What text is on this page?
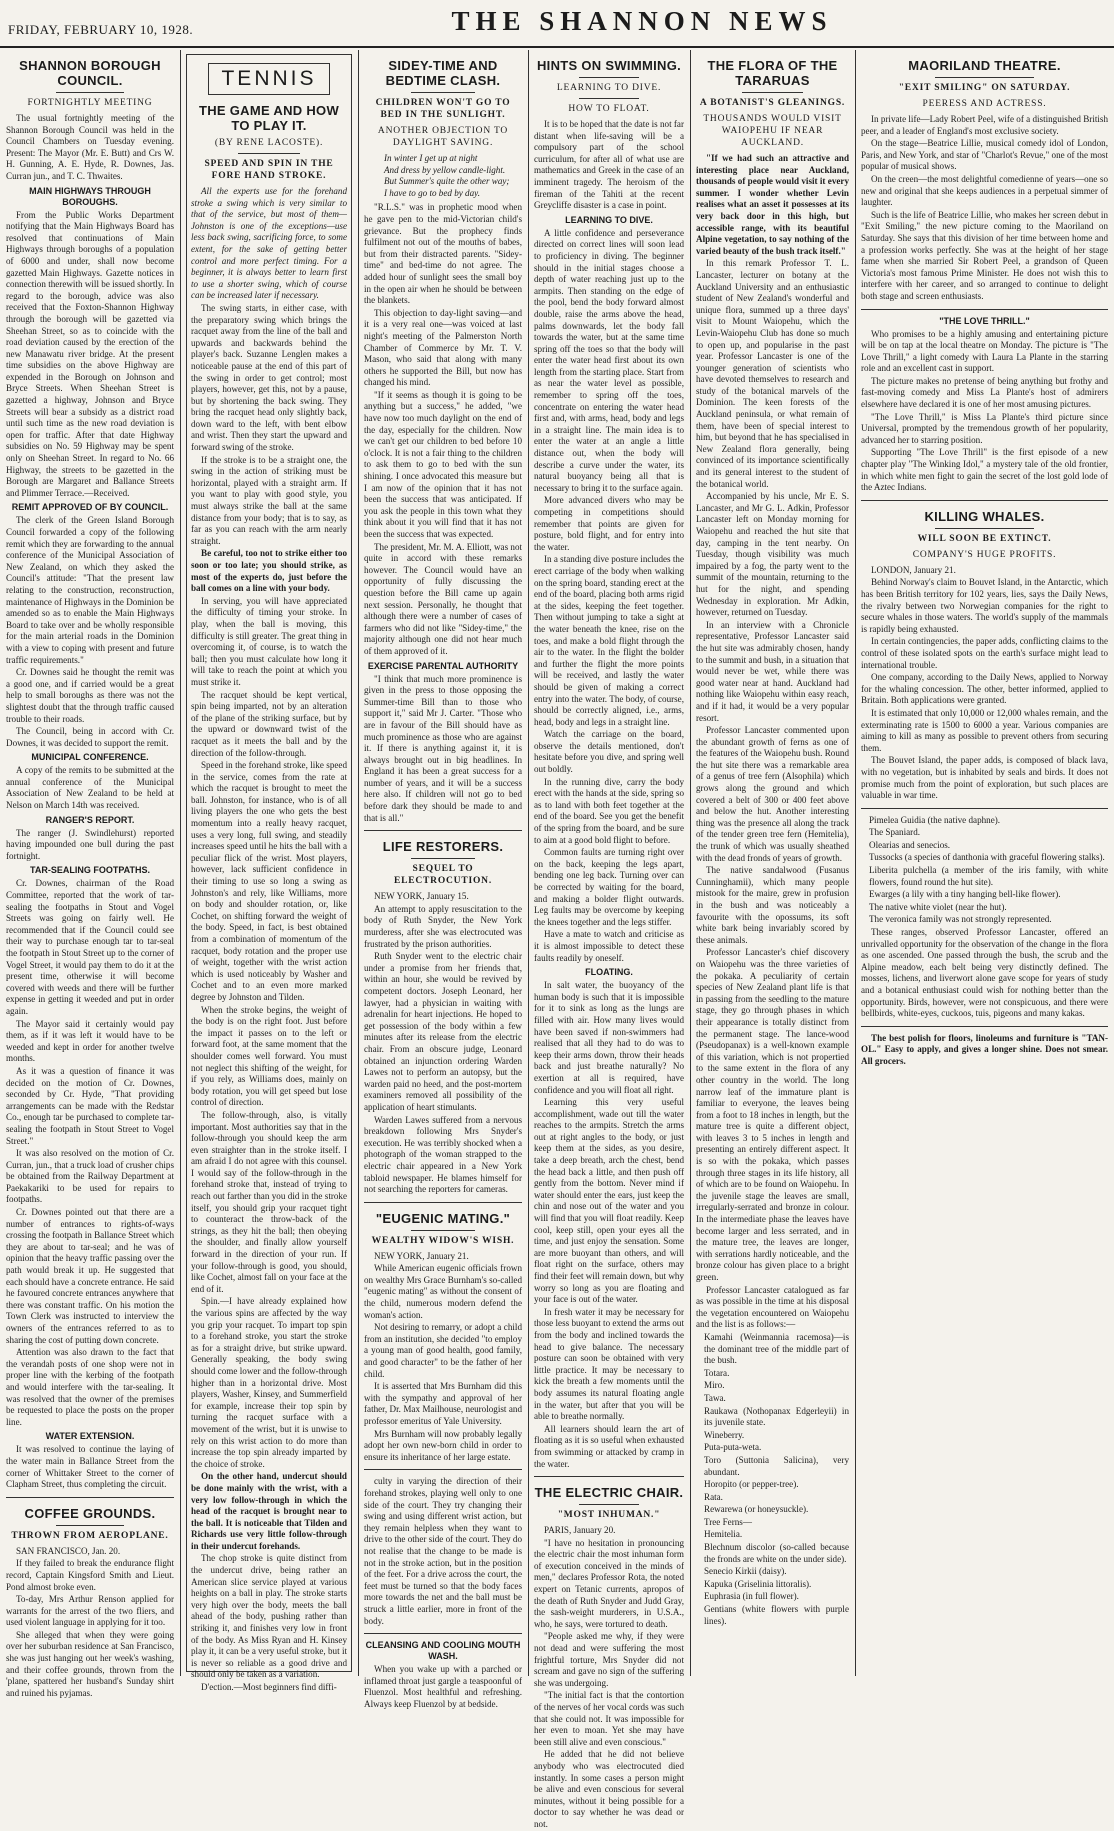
FRIDAY, FEBRUARY 10, 1928.	THE SHANNON NEWS
SHANNON BOROUGH COUNCIL.
FORTNIGHTLY MEETING

The usual fortnightly meeting of the Shannon Borough Council was held in the Council Chambers on Tuesday evening. Present: The Mayor (Mr. E. Butt) and Crs W. H. Gunning, A. E. Hyde, R. Downes, Jas. Curran jun., and T. C. Thwaites.

MAIN HIGHWAYS THROUGH BOROUGHS.

From the Public Works Department notifying that the Main Highways Board has resolved that continuations of Main Highways through boroughs of a population of 6000 and under, shall now become gazetted Main Highways. Gazette notices in connection therewith will be issued shortly. In regard to the borough, advice was also received that the Foxton-Shannon Highway through the borough will be gazetted via Sheehan Street, so as to coincide with the road deviation caused by the erection of the new Manawatu river bridge. At the present time subsidies on the above Highway are expended in the Borough on Johnson and Bryce Streets. When Sheehan Street is gazetted a highway, Johnson and Bryce Streets will bear a subsidy as a district road until such time as the new road deviation is open for traffic. After that date Highway subsidies on No. 59 Highway may be spent only on Sheehan Street. In regard to No. 66 Highway, the streets to be gazetted in the Borough are Margaret and Ballance Streets and Plimmer Terrace.—Received.

REMIT APPROVED OF BY COUNCIL.

The clerk of the Green Island Borough Council forwarded a copy of the following remit which they are forwarding to the annual conference of the Municipal Association of New Zealand, on which they asked the Council's attitude: "That the present law relating to the construction, reconstruction, maintenance of Highways in the Dominion be amended so as to enable the Main Highways Board to take over and be wholly responsible for the main arterial roads in the Dominion with a view to coping with present and future traffic requirements."

Cr. Downes said he thought the remit was a good one, and if carried would be a great help to small boroughs as there was not the slightest doubt that the through traffic caused trouble to their roads.

The Council, being in accord with Cr. Downes, it was decided to support the remit.

MUNICIPAL CONFERENCE.

A copy of the remits to be submitted at the annual conference of the Municipal Association of New Zealand to be held at Nelson on March 14th was received.

RANGER'S REPORT.

The ranger (J. Swindlehurst) reported having impounded one bull during the past fortnight.

TAR-SEALING FOOTPATHS.

Cr. Downes, chairman of the Road Committee, reported that the work of tar-sealing the footpaths in Stout and Vogel Streets was going on fairly well. He recommended that if the Council could see their way to purchase enough tar to tar-seal the footpath in Stout Street up to the corner of Vogel Street, it would pay them to do it at the present time, otherwise it will become covered with weeds and there will be further expense in getting it weeded and put in order again.

The Mayor said it certainly would pay them, as if it was left it would have to be weeded and kept in order for another twelve months.

As it was a question of finance it was decided on the motion of Cr. Downes, seconded by Cr. Hyde, "That providing arrangements can be made with the Redstar Co., enough tar be purchased to complete tar-sealing the footpath in Stout Street to Vogel Street."

It was also resolved on the motion of Cr. Curran, jun., that a truck load of crusher chips be obtained from the Railway Department at Paekakariki to be used for repairs to footpaths.

Cr. Downes pointed out that there are a number of entrances to rights-of-ways crossing the footpath in Ballance Street which they are about to tar-seal; and he was of opinion that the heavy traffic passing over the path would break it up. He suggested that each should have a concrete entrance. He said he favoured concrete entrances anywhere that there was constant traffic. On his motion the Town Clerk was instructed to interview the owners of the entrances referred to as to sharing the cost of putting down concrete.

Attention was also drawn to the fact that the verandah posts of one shop were not in proper line with the kerbing of the footpath and would interfere with the tar-sealing. It was resolved that the owner of the premises be requested to place the posts on the proper line.

WATER EXTENSION.

It was resolved to continue the laying of the water main in Ballance Street from the corner of Whittaker Street to the corner of Clapham Street, thus completing the circuit.

COFFEE GROUNDS.
THROWN FROM AEROPLANE.

SAN FRANCISCO, Jan. 20.

If they failed to break the endurance flight record, Captain Kingsford Smith and Lieut. Pond almost broke even.

To-day, Mrs Arthur Renson applied for warrants for the arrest of the two fliers, and used violent language in applying for it too.

She alleged that when they were going over her suburban residence at San Francisco, she was just hanging out her week's washing, and their coffee grounds, thrown from the 'plane, spattered her husband's Sunday shirt and ruined his pyjamas.

TENNIS
THE GAME AND HOW TO PLAY IT.
(BY RENE LACOSTE).
SPEED AND SPIN IN THE FORE HAND STROKE.

All the experts use for the forehand stroke a swing which is very similar to that of the service, but most of them—Johnston is one of the exceptions—use less back swing, sacrificing force, to some extent, for the sake of getting better control and more perfect timing. For a beginner, it is always better to learn first to use a shorter swing, which of course can be increased later if necessary.

The swing starts, in either case, with the preparatory swing which brings the racquet away from the line of the ball and upwards and backwards behind the player's back. Suzanne Lenglen makes a noticeable pause at the end of this part of the swing in order to get control; most players, however, get this, not by a pause, but by shortening the back swing. They bring the racquet head only slightly back, down ward to the left, with bent elbow and wrist. Then they start the upward and forward swing of the stroke.

If the stroke is to be a straight one, the swing in the action of striking must be horizontal, played with a straight arm. If you want to play with good style, you must always strike the ball at the same distance from your body; that is to say, as far as you can reach with the arm nearly straight.

Be careful, too not to strike either too soon or too late; you should strike, as most of the experts do, just before the ball comes on a line with your body.

In serving, you will have appreciated the difficulty of timing your stroke. In play, when the ball is moving, this difficulty is still greater. The great thing in overcoming it, of course, is to watch the ball; then you must calculate how long it will take to reach the point at which you must strike it.

The racquet should be kept vertical, spin being imparted, not by an alteration of the plane of the striking surface, but by the upward or downward twist of the racquet as it meets the ball and by the direction of the follow-through.

Speed in the forehand stroke, like speed in the service, comes from the rate at which the racquet is brought to meet the ball. Johnston, for instance, who is of all living players the one who gets the best momentum into a really heavy racquet, uses a very long, full swing, and steadily increases speed until he hits the ball with a peculiar flick of the wrist. Most players, however, lack sufficient confidence in their timing to use so long a swing as Johnston's and rely, like Williams, more on body and shoulder rotation, or, like Cochet, on shifting forward the weight of the body. Speed, in fact, is best obtained from a combination of momentum of the racquet, body rotation and the proper use of weight, together with the wrist action which is used noticeably by Washer and Cochet and to an even more marked degree by Johnston and Tilden.

When the stroke begins, the weight of the body is on the right foot. Just before the impact it passes on to the left or forward foot, at the same moment that the shoulder comes well forward. You must not neglect this shifting of the weight, for if you rely, as Williams does, mainly on body rotation, you will get speed but lose control of direction.

The follow-through, also, is vitally important. Most authorities say that in the follow-through you should keep the arm even straighter than in the stroke itself. I am afraid I do not agree with this counsel. I would say of the follow-through in the forehand stroke that, instead of trying to reach out farther than you did in the stroke itself, you should grip your racquet tight to counteract the throw-back of the strings, as they hit the ball; then obeying the shoulder, and finally allow yourself forward in the direction of your run. If your follow-through is good, you should, like Cochet, almost fall on your face at the end of it.

Spin.—I have already explained how the various spins are affected by the way you grip your racquet. To impart top spin to a forehand stroke, you start the stroke as for a straight drive, but strike upward. Generally speaking, the body swing should come lower and the follow-through higher than in a horizontal drive. Most players, Washer, Kinsey, and Summerfield for example, increase their top spin by turning the racquet surface with a movement of the wrist, but it is unwise to rely on this wrist action to do more than increase the top spin already imparted by the choice of stroke.

On the other hand, undercut should be done mainly with the wrist, with a very low follow-through in which the head of the racquet is brought near to the ball. It is noticeable that Tilden and Richards use very little follow-through in their undercut forehands.

The chop stroke is quite distinct from the undercut drive, being rather an American slice service played at various heights on a ball in play. The stroke starts very high over the body, meets the ball ahead of the body, pushing rather than striking it, and finishes very low in front of the body. As Miss Ryan and H. Kinsey play it, it can be a very useful stroke, but it is never so reliable as a good drive and should only be taken as a variation.

D'ection.—Most beginners find diffi-

SIDEY-TIME AND BEDTIME CLASH.
CHILDREN WON'T GO TO BED IN THE SUNLIGHT.
ANOTHER OBJECTION TO DAYLIGHT SAVING.
In winter I get up at night
And dress by yellow candle-light.
But Summer's quite the other way;
I have to go to bed by day.

"R.L.S." was in prophetic mood when he gave pen to the mid-Victorian child's grievance. But the prophecy finds fulfilment not out of the mouths of babes, but from their distracted parents. "Sidey-time" and bed-time do not agree. The added hour of sunlight sees the small boy in the open air when he should be between the blankets.

This objection to day-light saving—and it is a very real one—was voiced at last night's meeting of the Palmerston North Chamber of Commerce by Mr. T. V. Mason, who said that along with many others he supported the Bill, but now has changed his mind.

"If it seems as though it is going to be anything but a success," he added, "we have now too much daylight on the end of the day, especially for the children. Now we can't get our children to bed before 10 o'clock. It is not a fair thing to the children to ask them to go to bed with the sun shining. I once advocated this measure but I am now of the opinion that it has not been the success that was anticipated. If you ask the people in this town what they think about it you will find that it has not been the success that was expected.

The president, Mr. M. A. Elliott, was not quite in accord with these remarks however. The Council would have an opportunity of fully discussing the question before the Bill came up again next session. Personally, he thought that although there were a number of cases of farmers who did not like "Sidey-time," the majority although one did not hear much of them approved of it.

EXERCISE PARENTAL AUTHORITY

"I think that much more prominence is given in the press to those opposing the Summer-time Bill than to those who support it," said Mr J. Carter. "Those who are in favour of the Bill should have as much prominence as those who are against it. If there is anything against it, it is always brought out in big headlines. In England it has been a great success for a number of years, and it will be a success here also. If children will not go to bed before dark they should be made to and that is all."

LIFE RESTORERS.
SEQUEL TO ELECTROCUTION.

NEW YORK, January 15.

An attempt to apply resuscitation to the body of Ruth Snyder, the New York murderess, after she was electrocuted was frustrated by the prison authorities.

Ruth Snyder went to the electric chair under a promise from her friends that, within an hour, she would be revived by competent doctors. Joseph Leonard, her lawyer, had a physician in waiting with adrenalin for heart injections. He hoped to get possession of the body within a few minutes after its release from the electric chair. From an obscure judge, Leonard obtained an injunction ordering Warden Lawes not to perform an autopsy, but the warden paid no heed, and the post-mortem examiners removed all possibility of the application of heart stimulants.

Warden Lawes suffered from a nervous breakdown following Mrs Snyder's execution. He was terribly shocked when a photograph of the woman strapped to the electric chair appeared in a New York tabloid newspaper. He blames himself for not searching the reporters for cameras.

"EUGENIC MATING."
WEALTHY WIDOW'S WISH.

NEW YORK, January 21.

While American eugenic officials frown on wealthy Mrs Grace Burnham's so-called "eugenic mating" as without the consent of the child, numerous modern defend the woman's action.

Not desiring to remarry, or adopt a child from an institution, she decided "to employ a young man of good health, good family, and good character" to be the father of her child.

It is asserted that Mrs Burnham did this with the sympathy and approval of her father, Dr. Max Mailhouse, neurologist and professor emeritus of Yale University.

Mrs Burnham will now probably legally adopt her own new-born child in order to ensure its inheritance of her large estate.

culty in varying the direction of their forehand strokes, playing well only to one side of the court. They try changing their swing and using different wrist action, but they remain helpless when they want to drive to the other side of the court. They do not realise that the change to be made is not in the stroke action, but in the position of the feet. For a drive across the court, the feet must be turned so that the body faces more towards the net and the ball must be struck a little earlier, more in front of the body.

CLEANSING AND COOLING MOUTH WASH.

When you wake up with a parched or inflamed throat just gargle a teaspoonful of Fluenzol. Most healthful and refreshing. Always keep Fluenzol by at bedside.

HINTS ON SWIMMING.
LEARNING TO DIVE.
HOW TO FLOAT.

It is to be hoped that the date is not far distant when life-saving will be a compulsory part of the school curriculum, for after all of what use are mathematics and Greek in the case of an imminent tragedy. The heroism of the fireman of the Tahiti at the recent Greycliffe disaster is a case in point.

LEARNING TO DIVE.

A little confidence and perseverance directed on correct lines will soon lead to proficiency in diving. The beginner should in the initial stages choose a depth of water reaching just up to the armpits. Then standing on the edge of the pool, bend the body forward almost double, raise the arms above the head, palms downwards, let the body fall towards the water, but at the same time spring off the toes so that the body will enter the water head first about its own length from the starting place. Start from as near the water level as possible, remember to spring off the toes, concentrate on entering the water head first and, with arms, head, body and legs in a straight line. The main idea is to enter the water at an angle a little distance out, when the body will describe a curve under the water, its natural buoyancy being all that is necessary to bring it to the surface again.

More advanced divers who may be competing in competitions should remember that points are given for posture, bold flight, and for entry into the water.

In a standing dive posture includes the erect carriage of the body when walking on the spring board, standing erect at the end of the board, placing both arms rigid at the sides, keeping the feet together. Then without jumping to take a sight at the water beneath the knee, rise on the toes, and make a bold flight through the air to the water. In the flight the bolder and further the flight the more points will be received, and lastly the water should be given of making a correct entry into the water. The body, of course, should be correctly aligned, i.e., arms, head, body and legs in a straight line.

Watch the carriage on the board, observe the details mentioned, don't hesitate before you dive, and spring well out boldly.

In the running dive, carry the body erect with the hands at the side, spring so as to land with both feet together at the end of the board. See you get the benefit of the spring from the board, and be sure to aim at a good bold flight to before.

Common faults are turning right over on the back, keeping the legs apart, bending one leg back. Turning over can be corrected by waiting for the board, and making a bolder flight outwards. Leg faults may be overcome by keeping the knees together and the legs stiffer.

Have a mate to watch and criticise as it is almost impossible to detect these faults readily by oneself.

FLOATING.

In salt water, the buoyancy of the human body is such that it is impossible for it to sink as long as the lungs are filled with air. How many lives would have been saved if non-swimmers had realised that all they had to do was to keep their arms down, throw their heads back and just breathe naturally? No exertion at all is required, have confidence and you will float all right.

Learning this very useful accomplishment, wade out till the water reaches to the armpits. Stretch the arms out at right angles to the body, or just keep them at the sides, as you desire, take a deep breath, arch the chest, bend the head back a little, and then push off gently from the bottom. Never mind if water should enter the ears, just keep the chin and nose out of the water and you will find that you will float readily. Keep cool, keep still, open your eyes all the time, and just enjoy the sensation. Some are more buoyant than others, and will float right on the surface, others may find their feet will remain down, but why worry so long as you are floating and your face is out of the water.

In fresh water it may be necessary for those less buoyant to extend the arms out from the body and inclined towards the head to give balance. The necessary posture can soon be obtained with very little practice. It may be necessary to kick the breath a few moments until the body assumes its natural floating angle in the water, but after that you will be able to breathe normally.

All learners should learn the art of floating as it is so useful when exhausted from swimming or attacked by cramp in the water.

THE ELECTRIC CHAIR.
"MOST INHUMAN."

PARIS, January 20.

"I have no hesitation in pronouncing the electric chair the most inhuman form of execution conceived in the minds of men," declares Professor Rota, the noted expert on Tetanic currents, apropos of the death of Ruth Snyder and Judd Gray, the sash-weight murderers, in U.S.A., who, he says, were tortured to death.

"People asked me why, if they were not dead and were suffering the most frightful torture, Mrs Snyder did not scream and gave no sign of the suffering she was undergoing.

"The initial fact is that the contortion of the nerves of her vocal cords was such that she could not. It was impossible for her even to moan. Yet she may have been still alive and even conscious."

He added that he did not believe anybody who was electrocuted died instantly. In some cases a person might be alive and even conscious for several minutes, without it being possible for a doctor to say whether he was dead or not.

THE FLORA OF THE TARARUAS
A BOTANIST'S GLEANINGS.
THOUSANDS WOULD VISIT WAIOPEHU IF NEAR AUCKLAND.

"If we had such an attractive and interesting place near Auckland, thousands of people would visit it every summer. I wonder whether Levin realises what an asset it possesses at its very back door in this high, but accessible range, with its beautiful Alpine vegetation, to say nothing of the varied beauty of the bush track itself."

In this remark Professor T. L. Lancaster, lecturer on botany at the Auckland University and an enthusiastic student of New Zealand's wonderful and unique flora, summed up a three days' visit to Mount Waiopehu, which the Levin-Waiopehu Club has done so much to open up, and popularise in the past year. Professor Lancaster is one of the younger generation of scientists who have devoted themselves to research and study of the botanical marvels of the Dominion. The keen forests of the Auckland peninsula, or what remain of them, have been of special interest to him, but beyond that he has specialised in New Zealand flora generally, being convinced of its importance scientifically and its general interest to the student of the botanical world.

Accompanied by his uncle, Mr E. S. Lancaster, and Mr G. L. Adkin, Professor Lancaster left on Monday morning for Waiopehu and reached the hut site that day, camping in the tent nearby. On Tuesday, though visibility was much impaired by a fog, the party went to the summit of the mountain, returning to the hut for the night, and spending Wednesday in exploration. Mr Adkin, however, returned on Tuesday.

In an interview with a Chronicle representative, Professor Lancaster said the hut site was admirably chosen, handy to the summit and bush, in a situation that would never be wet, while there was good water near at hand. Auckland had nothing like Waiopehu within easy reach, and if it had, it would be a very popular resort.

Professor Lancaster commented upon the abundant growth of ferns as one of the features of the Waiopehu bush. Round the hut site there was a remarkable area of a genus of tree fern (Alsophila) which grows along the ground and which covered a belt of 300 or 400 feet above and below the hut. Another interesting thing was the presence all along the track of the tender green tree fern (Hemitelia), the trunk of which was usually sheathed with the dead fronds of years of growth.

The native sandalwood (Fusanus Cunninghamii), which many people mistook for the maire, grew in profusion in the bush and was noticeably a favourite with the opossums, its soft white bark being invariably scored by these animals.

Professor Lancaster's chief discovery on Waiopehu was the three varieties of the pokaka. A peculiarity of certain species of New Zealand plant life is that in passing from the seedling to the mature stage, they go through phases in which their appearance is totally distinct from the permanent stage. The lance-wood (Pseudopanax) is a well-known example of this variation, which is not propertied to the same extent in the flora of any other country in the world. The long narrow leaf of the immature plant is familiar to everyone, the leaves being from a foot to 18 inches in length, but the mature tree is quite a different object, with leaves 3 to 5 inches in length and presenting an entirely different aspect. It is so with the pokaka, which passes through three stages in its life history, all of which are to be found on Waiopehu. In the juvenile stage the leaves are small, irregularly-serrated and bronze in colour. In the intermediate phase the leaves have become larger and less serrated, and in the mature tree, the leaves are longer, with serrations hardly noticeable, and the bronze colour has given place to a bright green.

Professor Lancaster catalogued as far as was possible in the time at his disposal the vegetation encountered on Waiopehu and the list is as follows:—

Kamahi (Weinmannia racemosa)—is the dominant tree of the middle part of the bush.

Totara.

Miro.

Tawa.

Raukawa (Nothopanax Edgerleyii) in its juvenile state.

Wineberry.

Puta-puta-weta.

Toro (Suttonia Salicina), very abundant.

Horopito (or pepper-tree).

Rata.

Rewarewa (or honeysuckle).

Tree Ferns—

Hemitelia.

Blechnum discolor (so-called because the fronds are white on the under side).

Senecio Kirkii (daisy).

Kapuka (Griselinia littoralis).

Euphrasia (in full flower).

Gentians (white flowers with purple lines).

MAORILAND THEATRE.
"EXIT SMILING" ON SATURDAY.
PEERESS AND ACTRESS.

In private life—Lady Robert Peel, wife of a distinguished British peer, and a leader of England's most exclusive society.

On the stage—Beatrice Lillie, musical comedy idol of London, Paris, and New York, and star of "Charlot's Revue," one of the most popular of musical shows.

On the creen—the most delightful comedienne of years—one so new and original that she keeps audiences in a perpetual simmer of laughter.

Such is the life of Beatrice Lillie, who makes her screen debut in "Exit Smiling," the new picture coming to the Maoriland on Saturday. She says that this division of her time between home and a profession works perfectly. She was at the height of her stage fame when she married Sir Robert Peel, a grandson of Queen Victoria's most famous Prime Minister. He does not wish this to interfere with her career, and so arranged to continue to delight both stage and screen enthusiasts.

"THE LOVE THRILL."

Who promises to be a highly amusing and entertaining picture will be on tap at the local theatre on Monday. The picture is "The Love Thrill," a light comedy with Laura La Plante in the starring role and an excellent cast in support.

The picture makes no pretense of being anything but frothy and fast-moving comedy and Miss La Plante's host of admirers elsewhere have declared it is one of her most amusing pictures.

"The Love Thrill," is Miss La Plante's third picture since Universal, prompted by the tremendous growth of her popularity, advanced her to starring position.

Supporting "The Love Thrill" is the first episode of a new chapter play "The Winking Idol," a mystery tale of the old frontier, in which white men fight to gain the secret of the lost gold lode of the Aztec Indians.

KILLING WHALES.
WILL SOON BE EXTINCT.
COMPANY'S HUGE PROFITS.

LONDON, January 21.

Behind Norway's claim to Bouvet Island, in the Antarctic, which has been British territory for 102 years, lies, says the Daily News, the rivalry between two Norwegian companies for the right to secure whales in those waters. The world's supply of the mammals is rapidly being exhausted.

In certain contingencies, the paper adds, conflicting claims to the control of these isolated spots on the earth's surface might lead to international trouble.

One company, according to the Daily News, applied to Norway for the whaling concession. The other, better informed, applied to Britain. Both applications were granted.

It is estimated that only 10,000 or 12,000 whales remain, and the exterminating rate is 1500 to 6000 a year. Various companies are aiming to kill as many as possible to prevent others from securing them.

The Bouvet Island, the paper adds, is composed of black lava, with no vegetation, but is inhabited by seals and birds. It does not promise much from the point of exploration, but such places are valuable in war time.

Pimelea Guidia (the native daphne).

The Spaniard.

Olearias and senecios.

Tussocks (a species of danthonia with graceful flowering stalks).

Liberita pulchella (a member of the iris family, with white flowers, found round the hut site).

Ewarges (a lily with a tiny hanging bell-like flower).

The native white violet (near the hut).

The veronica family was not strongly represented.

These ranges, observed Professor Lancaster, offered an unrivalled opportunity for the observation of the change in the flora as one ascended. One passed through the bush, the scrub and the Alpine meadow, each belt being very distinctly defined. The mosses, lichens, and liverwort alone gave scope for years of study and a botanical enthusiast could wish for nothing better than the opportunity. Birds, however, were not conspicuous, and there were bellbirds, white-eyes, cuckoos, tuis, pigeons and many kakas.

The best polish for floors, linoleums and furniture is "TAN-OL." Easy to apply, and gives a longer shine. Does not smear. All grocers.
